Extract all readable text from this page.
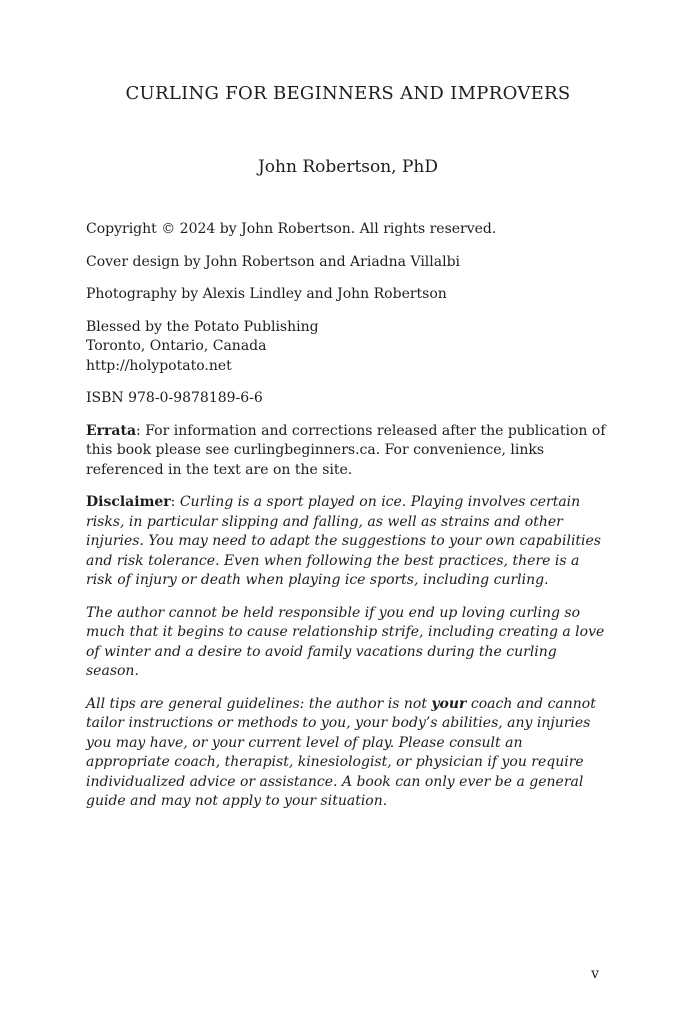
CURLING FOR BEGINNERS AND IMPROVERS
John Robertson, PhD

Copyright © 2024 by John Robertson. All rights reserved.

Cover design by John Robertson and Ariadna Villalbi

Photography by Alexis Lindley and John Robertson

Blessed by the Potato Publishing
Toronto, Ontario, Canada
http://holypotato.net

ISBN 978-0-9878189-6-6

Errata: For information and corrections released after the publication of this book please see curlingbeginners.ca. For convenience, links referenced in the text are on the site.

Disclaimer: Curling is a sport played on ice. Playing involves certain risks, in particular slipping and falling, as well as strains and other injuries. You may need to adapt the suggestions to your own capabilities and risk tolerance. Even when following the best practices, there is a risk of injury or death when playing ice sports, including curling.

The author cannot be held responsible if you end up loving curling so much that it begins to cause relationship strife, including creating a love of winter and a desire to avoid family vacations during the curling season.

All tips are general guidelines: the author is not your coach and cannot tailor instructions or methods to you, your body’s abilities, any injuries you may have, or your current level of play. Please consult an appropriate coach, therapist, kinesiologist, or physician if you require individualized advice or assistance. A book can only ever be a general guide and may not apply to your situation.

v
